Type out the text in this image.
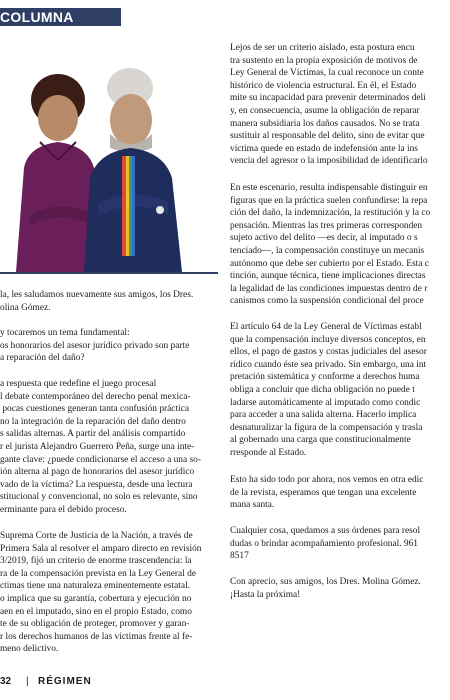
COLUMNA

la, les saludamos nuevamente sus amigos, los Dres.

olina Gómez.

y tocaremos un tema fundamental:

os honorarios del asesor jurídico privado son parte

a reparación del daño?

a respuesta que redefine el juego procesal

l debate contemporáneo del derecho penal mexica-

pocas cuestiones generan tanta confusión práctica

no la integración de la reparación del daño dentro

s salidas alternas. A partir del análisis compartido

r el jurista Alejandro Guerrero Peña, surge una inte-

gante clave: ¿puede condicionarse el acceso a una so-

ión alterna al pago de honorarios del asesor jurídico

vado de la víctima? La respuesta, desde una lectura

stitucional y convencional, no solo es relevante, sino

erminante para el debido proceso.

Suprema Corte de Justicia de la Nación, a través de

Primera Sala al resolver el amparo directo en revisión

3/2019, fijó un criterio de enorme trascendencia: la

ra de la compensación prevista en la Ley General de

ctimas tiene una naturaleza eminentemente estatal.

o implica que su garantía, cobertura y ejecución no

aen en el imputado, sino en el propio Estado, como

te de su obligación de proteger, promover y garan-

r los derechos humanos de las víctimas frente al fe-

meno delictivo.

Lejos de ser un criterio aislado, esta postura encu

tra sustento en la propia exposición de motivos de

Ley General de Víctimas, la cual reconoce un conte

histórico de violencia estructural. En él, el Estado

mite su incapacidad para prevenir determinados deli

y, en consecuencia, asume la obligación de reparar

manera subsidiaria los daños causados. No se trata

sustituir al responsable del delito, sino de evitar que

víctima quede en estado de indefensión ante la ins

vencia del agresor o la imposibilidad de identificarlo

En este escenario, resulta indispensable distinguir en

figuras que en la práctica suelen confundirse: la repa

ción del daño, la indemnización, la restitución y la co

pensación. Mientras las tres primeras corresponden

sujeto activo del delito —es decir, al imputado o s

tenciado—, la compensación constituye un mecanis

autónomo que debe ser cubierto por el Estado. Esta c

tinción, aunque técnica, tiene implicaciones directas

la legalidad de las condiciones impuestas dentro de r

canismos como la suspensión condicional del proce

El artículo 64 de la Ley General de Víctimas establ

que la compensación incluye diversos conceptos, en

ellos, el pago de gastos y costas judiciales del asesor

rídico cuando éste sea privado. Sin embargo, una int

pretación sistemática y conforme a derechos huma

obliga a concluir que dicha obligación no puede t

ladarse automáticamente al imputado como condic

para acceder a una salida alterna. Hacerlo implica

desnaturalizar la figura de la compensación y trasla

al gobernado una carga que constitucionalmente

rresponde al Estado.

Esto ha sido todo por ahora, nos vemos en otra edic

de la revista, esperamos que tengan una excelente

mana santa.

Cualquier cosa, quedamos a sus órdenes para resol

dudas o brindar acompañamiento profesional. 961

8517

Con aprecio, sus amigos, los Dres. Molina Gómez.

¡Hasta la próxima!

32 | RÉGIMEN
